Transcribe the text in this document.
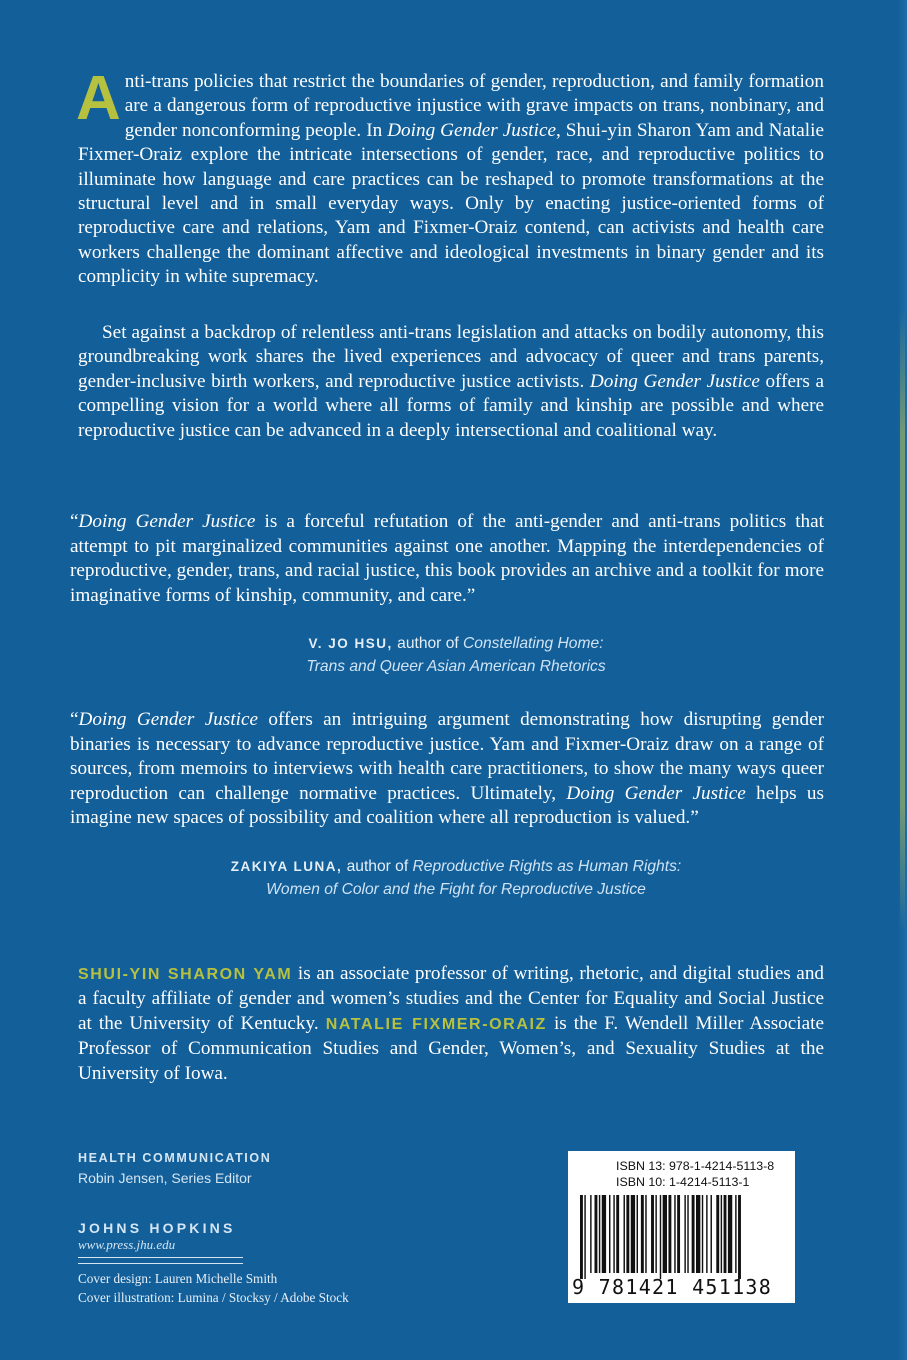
Anti-trans policies that restrict the boundaries of gender, reproduction, and family formation are a dangerous form of reproductive injustice with grave impacts on trans, nonbinary, and gender nonconforming people. In Doing Gender Justice, Shui-yin Sharon Yam and Natalie Fixmer-Oraiz explore the intricate intersections of gender, race, and reproductive politics to illuminate how language and care practices can be reshaped to promote transformations at the structural level and in small everyday ways. Only by enacting justice-oriented forms of reproductive care and relations, Yam and Fixmer-Oraiz contend, can activists and health care workers challenge the dominant affective and ideological investments in binary gender and its complicity in white supremacy.

Set against a backdrop of relentless anti-trans legislation and attacks on bodily autonomy, this groundbreaking work shares the lived experiences and advocacy of queer and trans parents, gender-inclusive birth workers, and reproductive justice activists. Doing Gender Justice offers a compelling vision for a world where all forms of family and kinship are possible and where reproductive justice can be advanced in a deeply intersectional and coalitional way.

“Doing Gender Justice is a forceful refutation of the anti-gender and anti-trans politics that attempt to pit marginalized communities against one another. Mapping the interdependencies of reproductive, gender, trans, and racial justice, this book provides an archive and a toolkit for more imaginative forms of kinship, community, and care.”

V. JO HSU, author of Constellating Home:
Trans and Queer Asian American Rhetorics

“Doing Gender Justice offers an intriguing argument demonstrating how disrupting gender binaries is necessary to advance reproductive justice. Yam and Fixmer-Oraiz draw on a range of sources, from memoirs to interviews with health care practitioners, to show the many ways queer reproduction can challenge normative practices. Ultimately, Doing Gender Justice helps us imagine new spaces of possibility and coalition where all reproduction is valued.”

ZAKIYA LUNA, author of Reproductive Rights as Human Rights:
Women of Color and the Fight for Reproductive Justice

SHUI-YIN SHARON YAM is an associate professor of writing, rhetoric, and digital studies and a faculty affiliate of gender and women’s studies and the Center for Equality and Social Justice at the University of Kentucky. NATALIE FIXMER-ORAIZ is the F. Wendell Miller Associate Professor of Communication Studies and Gender, Women’s, and Sexuality Studies at the University of Iowa.

HEALTH COMMUNICATION
Robin Jensen, Series Editor
JOHNS HOPKINS
www.press.jhu.edu
Cover design: Lauren Michelle Smith
Cover illustration: Lumina / Stocksy / Adobe Stock
ISBN 13: 978-1-4214-5113-8
ISBN 10: 1-4214-5113-1
9 781421 451138
